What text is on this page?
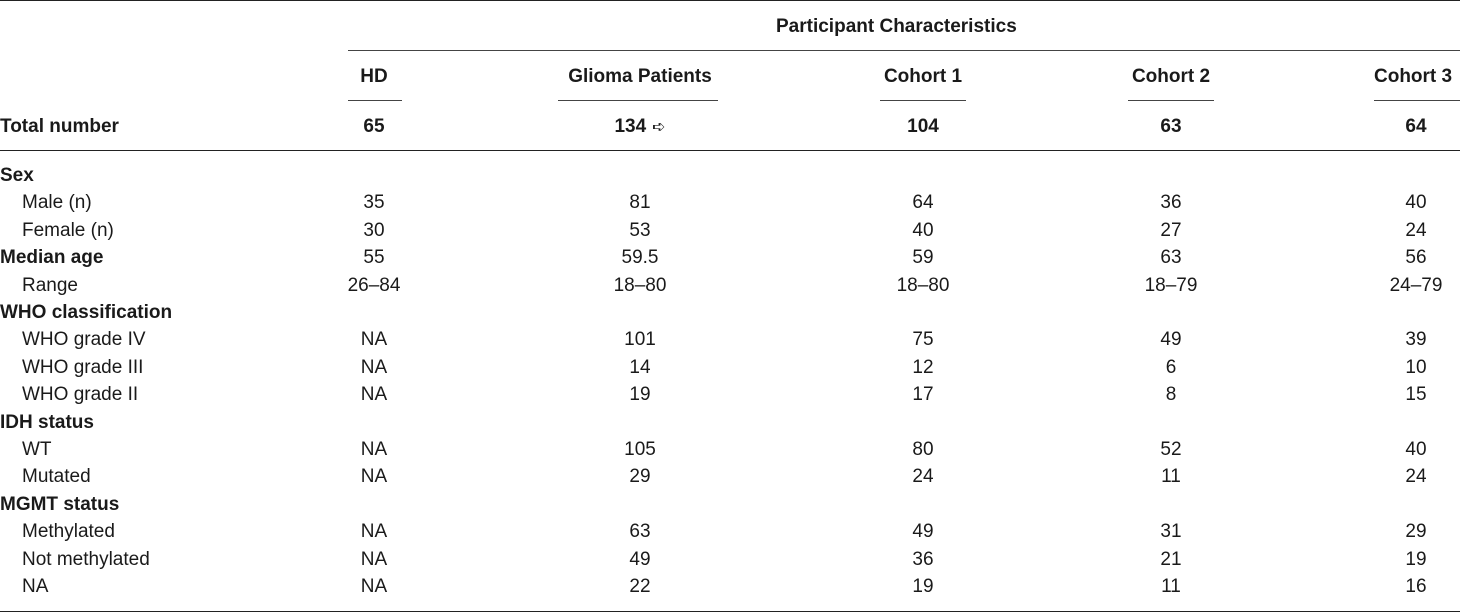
Participant Characteristics
HD	Glioma Patients	Cohort 1	Cohort 2	Cohort 3
Total number	65	134 ➪	104	63	64
Sex
Male (n)	35	81	64	36	40
Female (n)	30	53	40	27	24
Median age	55	59.5	59	63	56
Range	26–84	18–80	18–80	18–79	24–79
WHO classification
WHO grade IV	NA	101	75	49	39
WHO grade III	NA	14	12	6	10
WHO grade II	NA	19	17	8	15
IDH status
WT	NA	105	80	52	40
Mutated	NA	29	24	11	24
MGMT status
Methylated	NA	63	49	31	29
Not methylated	NA	49	36	21	19
NA	NA	22	19	11	16
